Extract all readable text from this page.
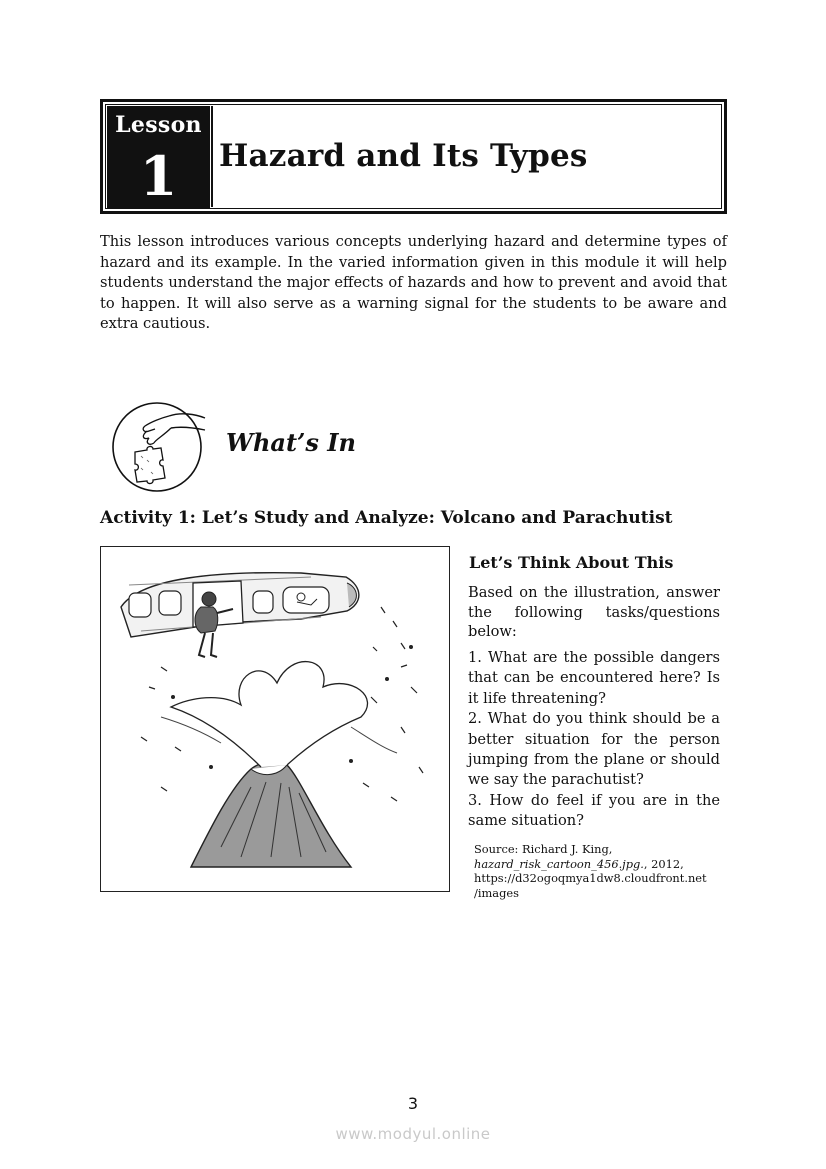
Lesson
1	Hazard and Its Types

This lesson introduces various concepts underlying hazard and determine types of hazard and its example. In the varied information given in this module it will help students understand the major effects of hazards and how to prevent and avoid that to happen. It will also serve as a warning signal for the students to be aware and extra cautious.

What’s In
Activity 1: Let’s Study and Analyze: Volcano and Parachutist
Let’s Think About This

Based on the illustration, answer the following tasks/questions below:

1. What are the possible dangers that can be encountered here? Is it life threatening?
2. What do you think should be a better situation for the person jumping from the plane or should we say the parachutist?
3. How do feel if you are in the same situation?
Source: Richard J. King,
hazard_risk_cartoon_456.jpg., 2012,
https://d32ogoqmya1dw8.cloudfront.net
/images
3
www.modyul.online
